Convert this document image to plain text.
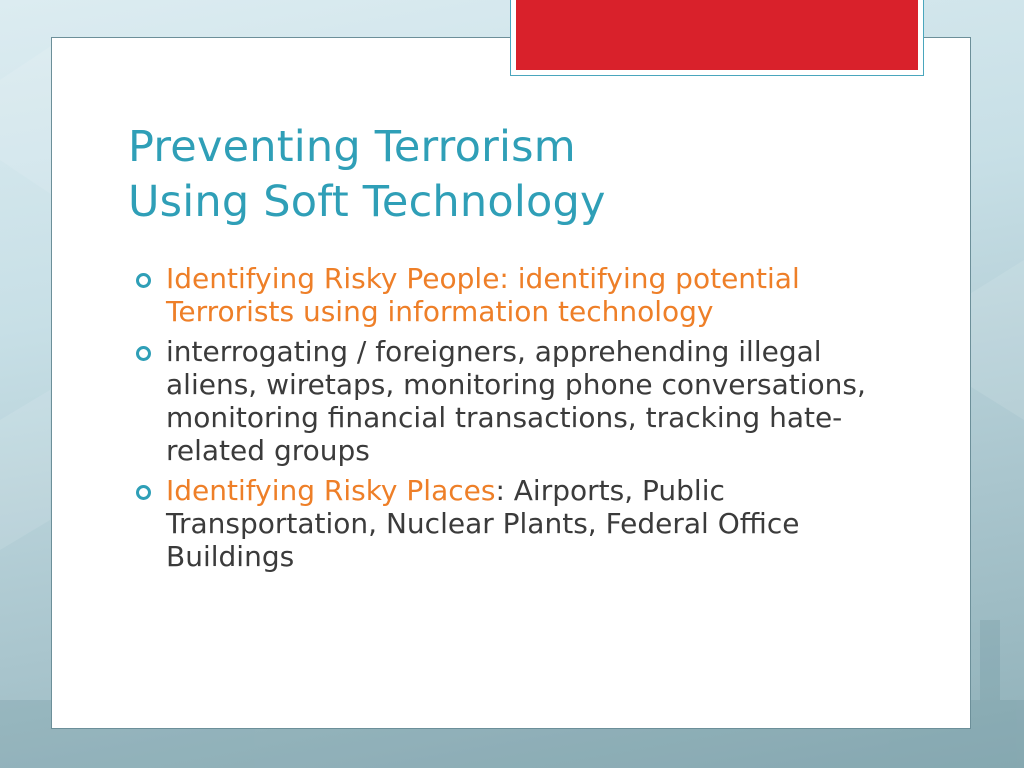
Preventing Terrorism
Using Soft Technology
Identifying Risky People: identifying potential Terrorists using information technology
interrogating / foreigners, apprehending illegal aliens, wiretaps, monitoring phone conversations, monitoring financial transactions, tracking hate-related groups
Identifying Risky Places: Airports, Public Transportation, Nuclear Plants, Federal Office Buildings
